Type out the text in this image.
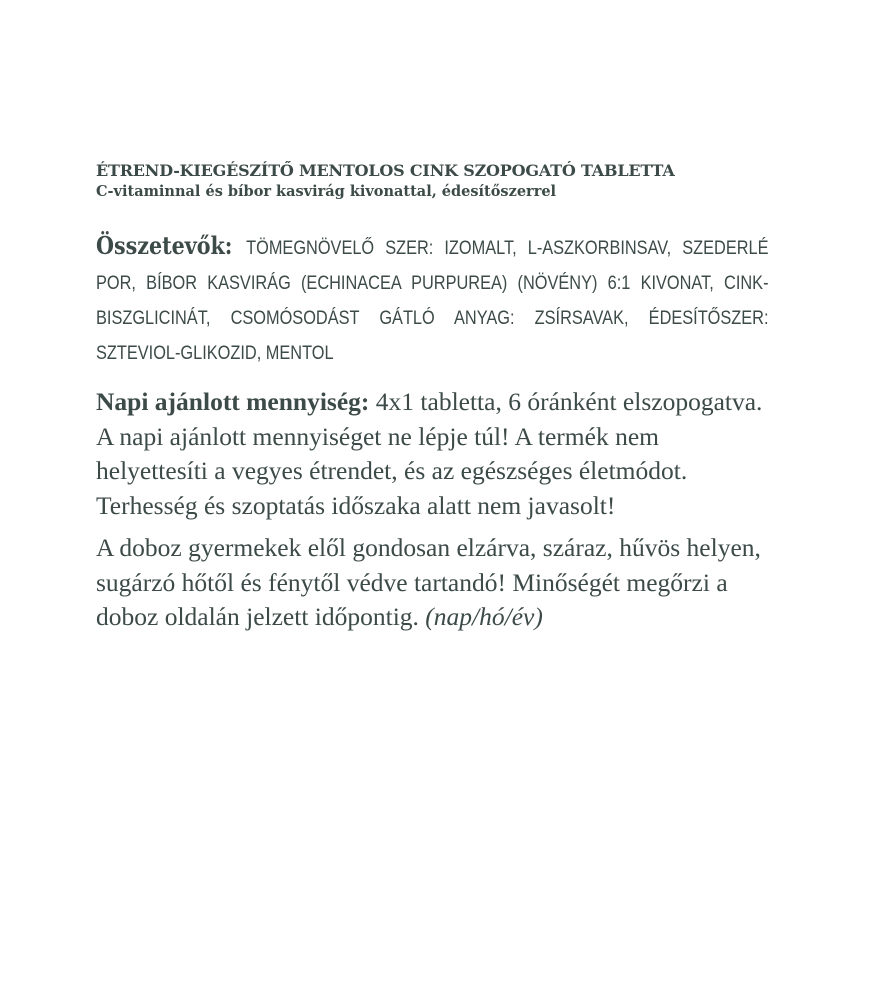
ÉTREND-KIEGÉSZÍTŐ MENTOLOS CINK SZOPOGATÓ TABLETTA

C-vitaminnal és bíbor kasvirág kivonattal, édesítőszerrel

Összetevők: TÖMEGNÖVELŐ SZER: IZOMALT, L-ASZKORBINSAV, SZEDERLÉ POR, BÍBOR KASVIRÁG (ECHINACEA PURPUREA) (NÖVÉNY) 6:1 KIVONAT, CINK-BISZGLICINÁT, CSOMÓSODÁST GÁTLÓ ANYAG: ZSÍRSAVAK, ÉDESÍTŐSZER: SZTEVIOL-GLIKOZID, MENTOL

Napi ajánlott mennyiség: 4x1 tabletta, 6 óránként elszopogatva. A napi ajánlott mennyiséget ne lépje túl! A termék nem helyettesíti a vegyes étrendet, és az egészséges életmódot. Terhesség és szoptatás időszaka alatt nem javasolt!

A doboz gyermekek elől gondosan elzárva, száraz, hűvös helyen, sugárzó hőtől és fénytől védve tartandó! Minőségét megőrzi a doboz oldalán jelzett időpontig. (nap/hó/év)
